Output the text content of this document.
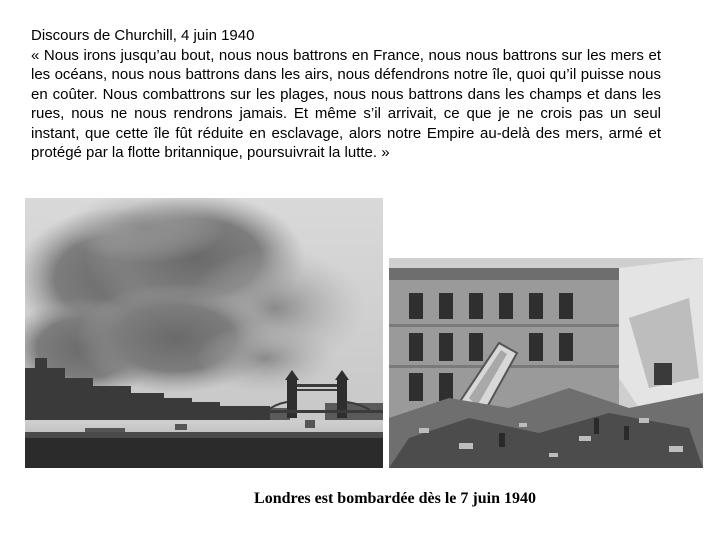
Discours de Churchill, 4 juin 1940
« Nous irons jusqu’au bout, nous nous battrons en France, nous nous battrons sur les mers et les océans, nous nous battrons dans les airs, nous défendrons notre île, quoi qu’il puisse nous en coûter. Nous combattrons sur les plages, nous nous battrons dans les champs et dans les rues, nous ne nous rendrons jamais. Et même s’il arrivait, ce que je ne crois pas un seul instant, que cette île fût réduite en esclavage, alors notre Empire au-delà des mers, armé et protégé par la flotte britannique, poursuivrait la lutte. »
Londres est bombardée dès le 7 juin 1940
